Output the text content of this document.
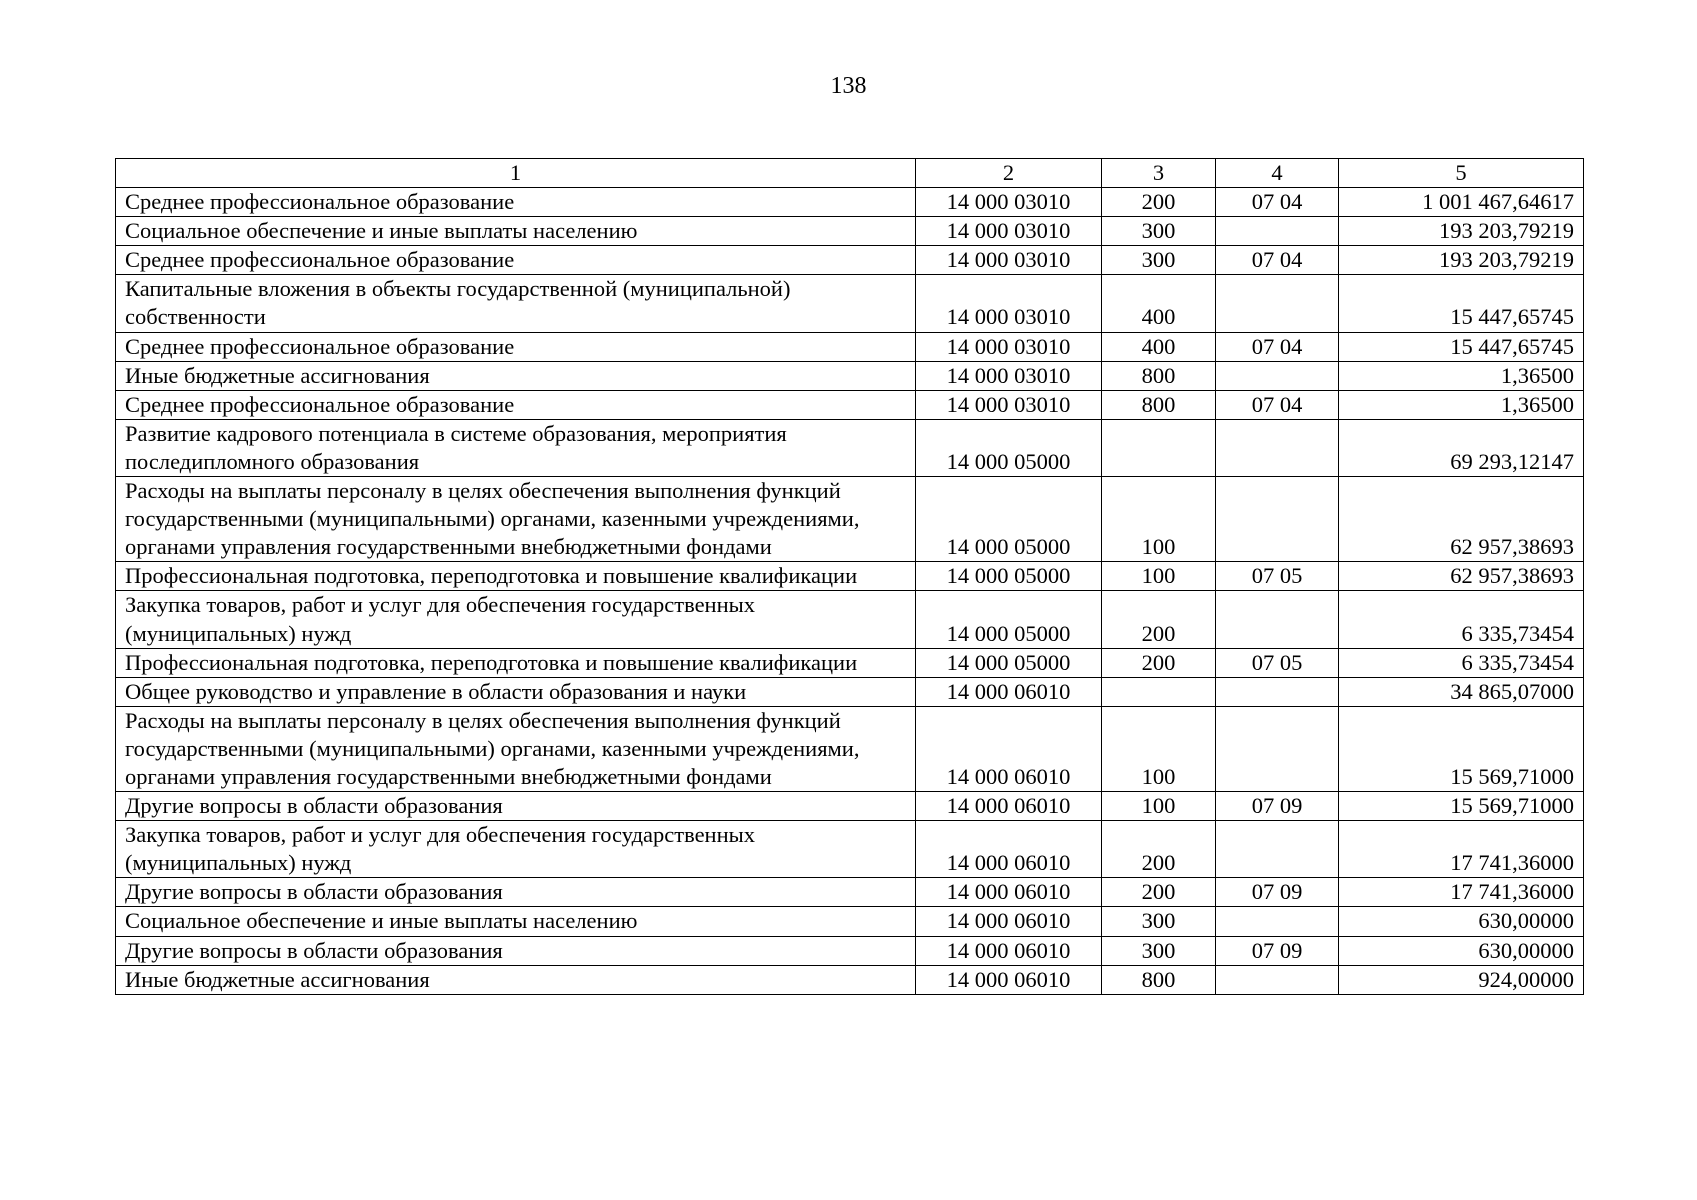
138
1	2	3	4	5
Среднее профессиональное образование	14 000 03010	200	07 04	1 001 467,64617
Социальное обеспечение и иные выплаты населению	14 000 03010	300		193 203,79219
Среднее профессиональное образование	14 000 03010	300	07 04	193 203,79219
Капитальные вложения в объекты государственной (муниципальной) собственности	14 000 03010	400		15 447,65745
Среднее профессиональное образование	14 000 03010	400	07 04	15 447,65745
Иные бюджетные ассигнования	14 000 03010	800		1,36500
Среднее профессиональное образование	14 000 03010	800	07 04	1,36500
Развитие кадрового потенциала в системе образования, мероприятия последипломного образования	14 000 05000			69 293,12147
Расходы на выплаты персоналу в целях обеспечения выполнения функций государственными (муниципальными) органами, казенными учреждениями, органами управления государственными внебюджетными фондами	14 000 05000	100		62 957,38693
Профессиональная подготовка, переподготовка и повышение квалификации	14 000 05000	100	07 05	62 957,38693
Закупка товаров, работ и услуг для обеспечения государственных (муниципальных) нужд	14 000 05000	200		6 335,73454
Профессиональная подготовка, переподготовка и повышение квалификации	14 000 05000	200	07 05	6 335,73454
Общее руководство и управление в области образования и науки	14 000 06010			34 865,07000
Расходы на выплаты персоналу в целях обеспечения выполнения функций государственными (муниципальными) органами, казенными учреждениями, органами управления государственными внебюджетными фондами	14 000 06010	100		15 569,71000
Другие вопросы в области образования	14 000 06010	100	07 09	15 569,71000
Закупка товаров, работ и услуг для обеспечения государственных (муниципальных) нужд	14 000 06010	200		17 741,36000
Другие вопросы в области образования	14 000 06010	200	07 09	17 741,36000
Социальное обеспечение и иные выплаты населению	14 000 06010	300		630,00000
Другие вопросы в области образования	14 000 06010	300	07 09	630,00000
Иные бюджетные ассигнования	14 000 06010	800		924,00000
